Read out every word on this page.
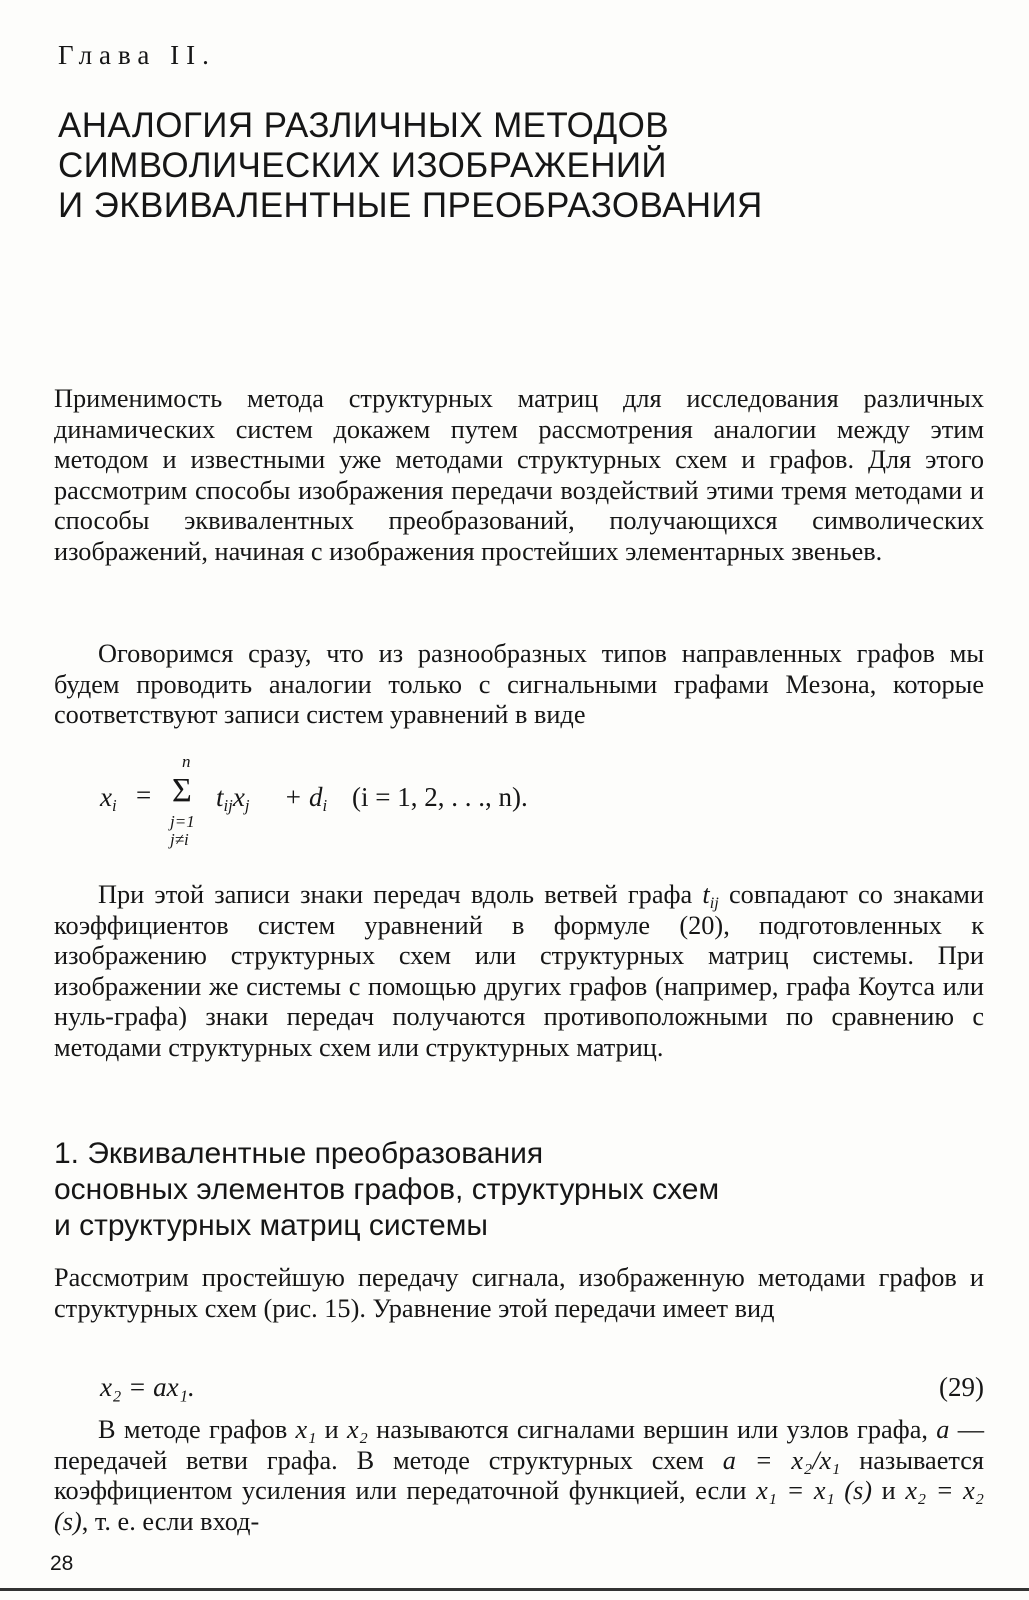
Глава II.
АНАЛОГИЯ РАЗЛИЧНЫХ МЕТОДОВ
СИМВОЛИЧЕСКИХ ИЗОБРАЖЕНИЙ
И ЭКВИВАЛЕНТНЫЕ ПРЕОБРАЗОВАНИЯ

Применимость метода структурных матриц для исследования различных динамических систем докажем путем рассмотрения аналогии между этим методом и известными уже методами структурных схем и графов. Для этого рассмотрим способы изображения передачи воздействий этими тремя методами и способы эквивалентных преобразований, получающихся символических изображений, начиная с изображения простейших элементарных звеньев.

Оговоримся сразу, что из разнообразных типов направленных графов мы будем проводить аналогии только с сигнальными графами Мезона, которые соответствуют записи систем уравнений в виде

$x_i$ =
n
Σ
j=1
j≠i
$t_{ij}x_j + d_i$ (i = 1, 2, . . ., n).

При этой записи знаки передач вдоль ветвей графа $t_{ij}$ совпадают со знаками коэффициентов систем уравнений в формуле (20), подготовленных к изображению структурных схем или структурных матриц системы. При изображении же системы с помощью других графов (например, графа Коутса или нуль-графа) знаки передач получаются противоположными по сравнению с методами структурных схем или структурных матриц.

1. Эквивалентные преобразования
основных элементов графов, структурных схем
и структурных матриц системы

Рассмотрим простейшую передачу сигнала, изображенную методами графов и структурных схем (рис. 15). Уравнение этой передачи имеет вид

x₂ = ax₁.	(29)

В методе графов x₁ и x₂ называются сигналами вершин или узлов графа, a — передачей ветви графа. В методе структурных схем a = x₂/x₁ называется коэффициентом усиления или передаточной функцией, если x₁ = x₁ (s) и x₂ = x₂ (s), т. е. если вход-

28
